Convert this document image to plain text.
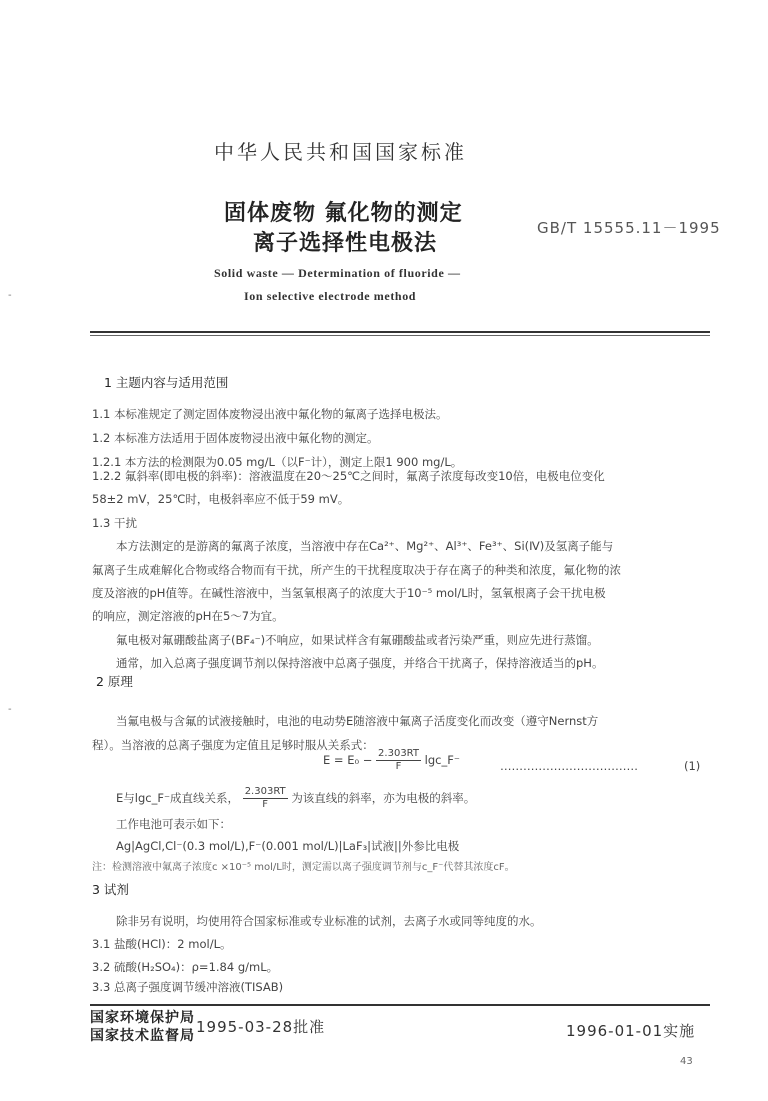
中华人民共和国国家标准
固体废物 氟化物的测定
离子选择性电极法
GB/T 15555.11－1995
Solid waste — Determination of fluoride —
Ion selective electrode method
-
-
1 主题内容与适用范围
1.1 本标准规定了测定固体废物浸出液中氟化物的氟离子选择电极法。
1.2 本标准方法适用于固体废物浸出液中氟化物的测定。
1.2.1 本方法的检测限为0.05 mg/L（以F⁻计），测定上限1 900 mg/L。
1.2.2 氟斜率(即电极的斜率)：溶液温度在20～25℃之间时，氟离子浓度每改变10倍，电极电位变化
58±2 mV，25℃时，电极斜率应不低于59 mV。
1.3 干扰
本方法测定的是游离的氟离子浓度，当溶液中存在Ca²⁺、Mg²⁺、Al³⁺、Fe³⁺、Si(Ⅳ)及氢离子能与
氟离子生成难解化合物或络合物而有干扰，所产生的干扰程度取决于存在离子的种类和浓度，氟化物的浓
度及溶液的pH值等。在碱性溶液中，当氢氧根离子的浓度大于10⁻⁵ mol/L时，氢氧根离子会干扰电极
的响应，测定溶液的pH在5～7为宜。
氟电极对氟硼酸盐离子(BF₄⁻)不响应，如果试样含有氟硼酸盐或者污染严重，则应先进行蒸馏。
通常，加入总离子强度调节剂以保持溶液中总离子强度，并络合干扰离子，保持溶液适当的pH。
2 原理
当氟电极与含氟的试液接触时，电池的电动势E随溶液中氟离子活度变化而改变（遵守Nernst方
程）。当溶液的总离子强度为定值且足够时服从关系式：
$E = E_0 - \frac{2.303RT}{F}$ lgc_F⁻	………………………………	(1)
E与lgc_F⁻成直线关系， $\frac{2.303RT}{F}$ 为该直线的斜率，亦为电极的斜率。
工作电池可表示如下：
Ag|AgCl,Cl⁻(0.3 mol/L),F⁻(0.001 mol/L)|LaF₃|试液||外参比电极
注：检测溶液中氟离子浓度c ×10⁻⁵ mol/L时，测定需以离子强度调节剂与c_F⁻代替其浓度cF。
3 试剂
除非另有说明，均使用符合国家标准或专业标准的试剂，去离子水或同等纯度的水。
3.1 盐酸(HCl)：2 mol/L。
3.2 硫酸(H₂SO₄)：ρ=1.84 g/mL。
3.3 总离子强度调节缓冲溶液(TISAB)
国家环境保护局
国家技术监督局 1995-03-28批准	1996-01-01实施
43
